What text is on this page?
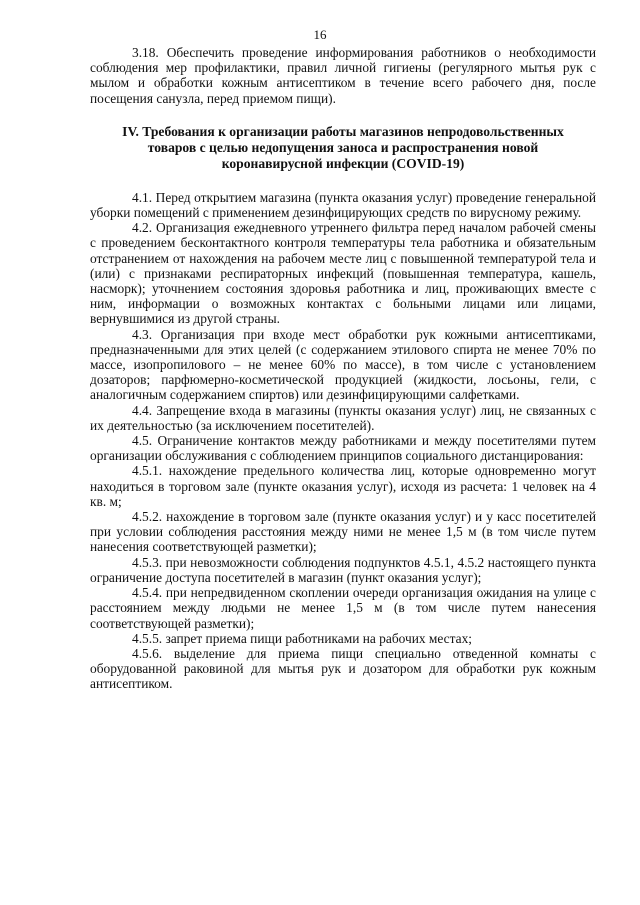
16

3.18. Обеспечить проведение информирования работников о необходимости соблюдения мер профилактики, правил личной гигиены (регулярного мытья рук с мылом и обработки кожным антисептиком в течение всего рабочего дня, после посещения санузла, перед приемом пищи).

IV. Требования к организации работы магазинов непродовольственных
товаров с целью недопущения заноса и распространения новой
коронавирусной инфекции (COVID-19)

4.1. Перед открытием магазина (пункта оказания услуг) проведение генеральной уборки помещений с применением дезинфицирующих средств по вирусному режиму.

4.2. Организация ежедневного утреннего фильтра перед началом рабочей смены с проведением бесконтактного контроля температуры тела работника и обязательным отстранением от нахождения на рабочем месте лиц с повышенной температурой тела и (или) с признаками респираторных инфекций (повышенная температура, кашель, насморк); уточнением состояния здоровья работника и лиц, проживающих вместе с ним, информации о возможных контактах с больными лицами или лицами, вернувшимися из другой страны.

4.3. Организация при входе мест обработки рук кожными антисептиками, предназначенными для этих целей (с содержанием этилового спирта не менее 70% по массе, изопропилового – не менее 60% по массе), в том числе с установлением дозаторов; парфюмерно-косметической продукцией (жидкости, лосьоны, гели, с аналогичным содержанием спиртов) или дезинфицирующими салфетками.

4.4. Запрещение входа в магазины (пункты оказания услуг) лиц, не связанных с их деятельностью (за исключением посетителей).

4.5. Ограничение контактов между работниками и между посетителями путем организации обслуживания с соблюдением принципов социального дистанцирования:

4.5.1. нахождение предельного количества лиц, которые одновременно могут находиться в торговом зале (пункте оказания услуг), исходя из расчета: 1 человек на 4 кв. м;

4.5.2. нахождение в торговом зале (пункте оказания услуг) и у касс посетителей при условии соблюдения расстояния между ними не менее 1,5 м (в том числе путем нанесения соответствующей разметки);

4.5.3. при невозможности соблюдения подпунктов 4.5.1, 4.5.2 настоящего пункта ограничение доступа посетителей в магазин (пункт оказания услуг);

4.5.4. при непредвиденном скоплении очереди организация ожидания на улице с расстоянием между людьми не менее 1,5 м (в том числе путем нанесения соответствующей разметки);

4.5.5. запрет приема пищи работниками на рабочих местах;

4.5.6. выделение для приема пищи специально отведенной комнаты с оборудованной раковиной для мытья рук и дозатором для обработки рук кожным антисептиком.
